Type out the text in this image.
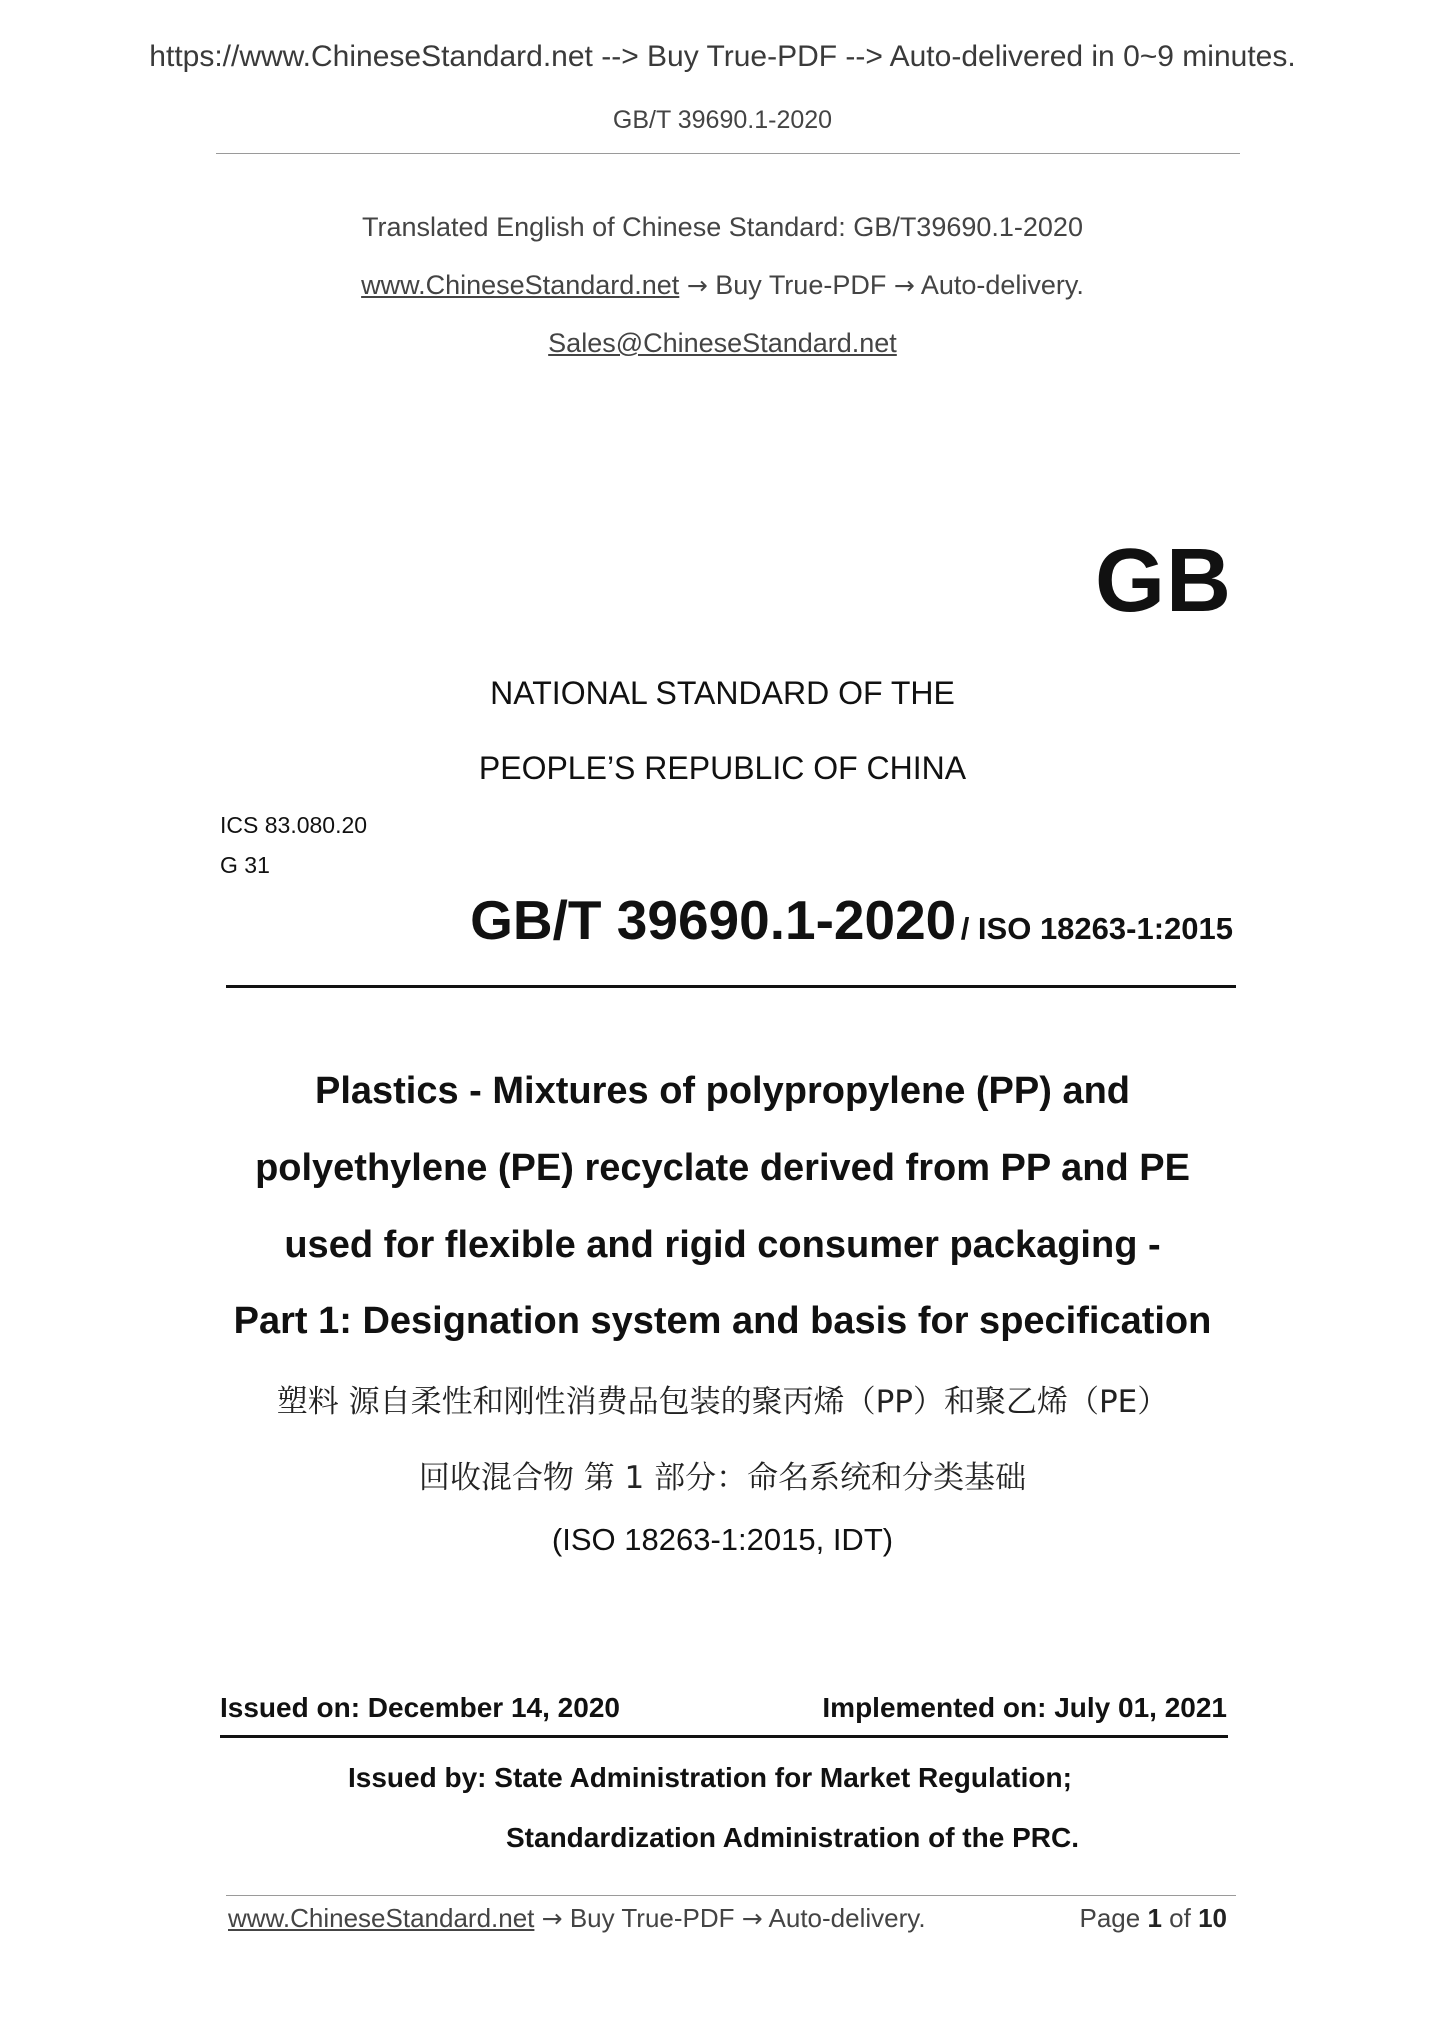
https://www.ChineseStandard.net --> Buy True-PDF --> Auto-delivered in 0~9 minutes.
GB/T 39690.1-2020
Translated English of Chinese Standard: GB/T39690.1-2020
www.ChineseStandard.net → Buy True-PDF → Auto-delivery.
Sales@ChineseStandard.net
GB
NATIONAL STANDARD OF THE
PEOPLE’S REPUBLIC OF CHINA
ICS 83.080.20
G 31
GB/T 39690.1-2020 / ISO 18263-1:2015
Plastics - Mixtures of polypropylene (PP) and
polyethylene (PE) recyclate derived from PP and PE
used for flexible and rigid consumer packaging -
Part 1: Designation system and basis for specification
塑料 源自柔性和刚性消费品包装的聚丙烯（PP）和聚乙烯（PE）
回收混合物 第 1 部分：命名系统和分类基础
(ISO 18263-1:2015, IDT)
Issued on: December 14, 2020	Implemented on: July 01, 2021
Issued by: State Administration for Market Regulation;
Standardization Administration of the PRC.
www.ChineseStandard.net → Buy True-PDF → Auto-delivery.	Page 1 of 10
